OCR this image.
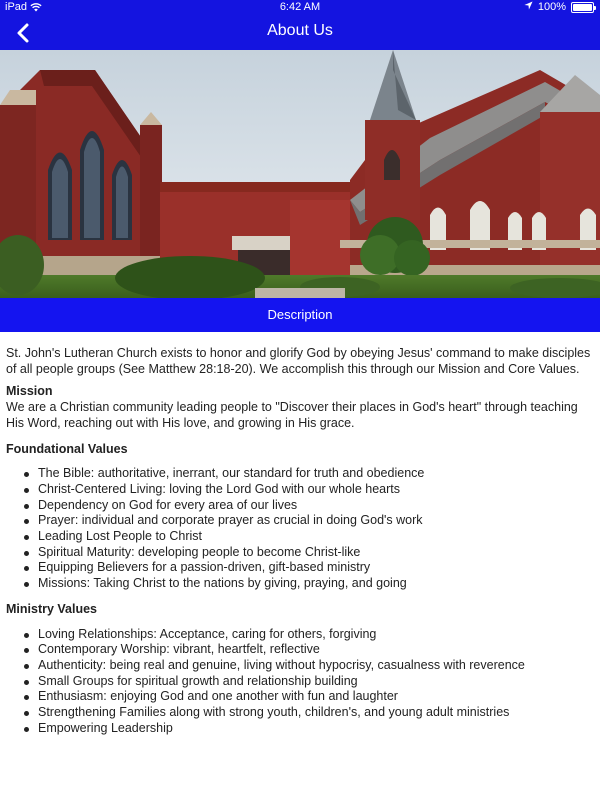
iPad	6:42 AM	100%
About Us
Description

St. John's Lutheran Church exists to honor and glorify God by obeying Jesus' command to make disciples of all people groups (See Matthew 28:18-20). We accomplish this through our Mission and Core Values.

Mission

We are a Christian community leading people to "Discover their places in God's heart" through teaching His Word, reaching out with His love, and growing in His grace.

Foundational Values

The Bible: authoritative, inerrant, our standard for truth and obedience
Christ-Centered Living: loving the Lord God with our whole hearts
Dependency on God for every area of our lives
Prayer: individual and corporate prayer as crucial in doing God's work
Leading Lost People to Christ
Spiritual Maturity: developing people to become Christ-like
Equipping Believers for a passion-driven, gift-based ministry
Missions: Taking Christ to the nations by giving, praying, and going

Ministry Values

Loving Relationships: Acceptance, caring for others, forgiving
Contemporary Worship: vibrant, heartfelt, reflective
Authenticity: being real and genuine, living without hypocrisy, casualness with reverence
Small Groups for spiritual growth and relationship building
Enthusiasm: enjoying God and one another with fun and laughter
Strengthening Families along with strong youth, children's, and young adult ministries
Empowering Leadership
